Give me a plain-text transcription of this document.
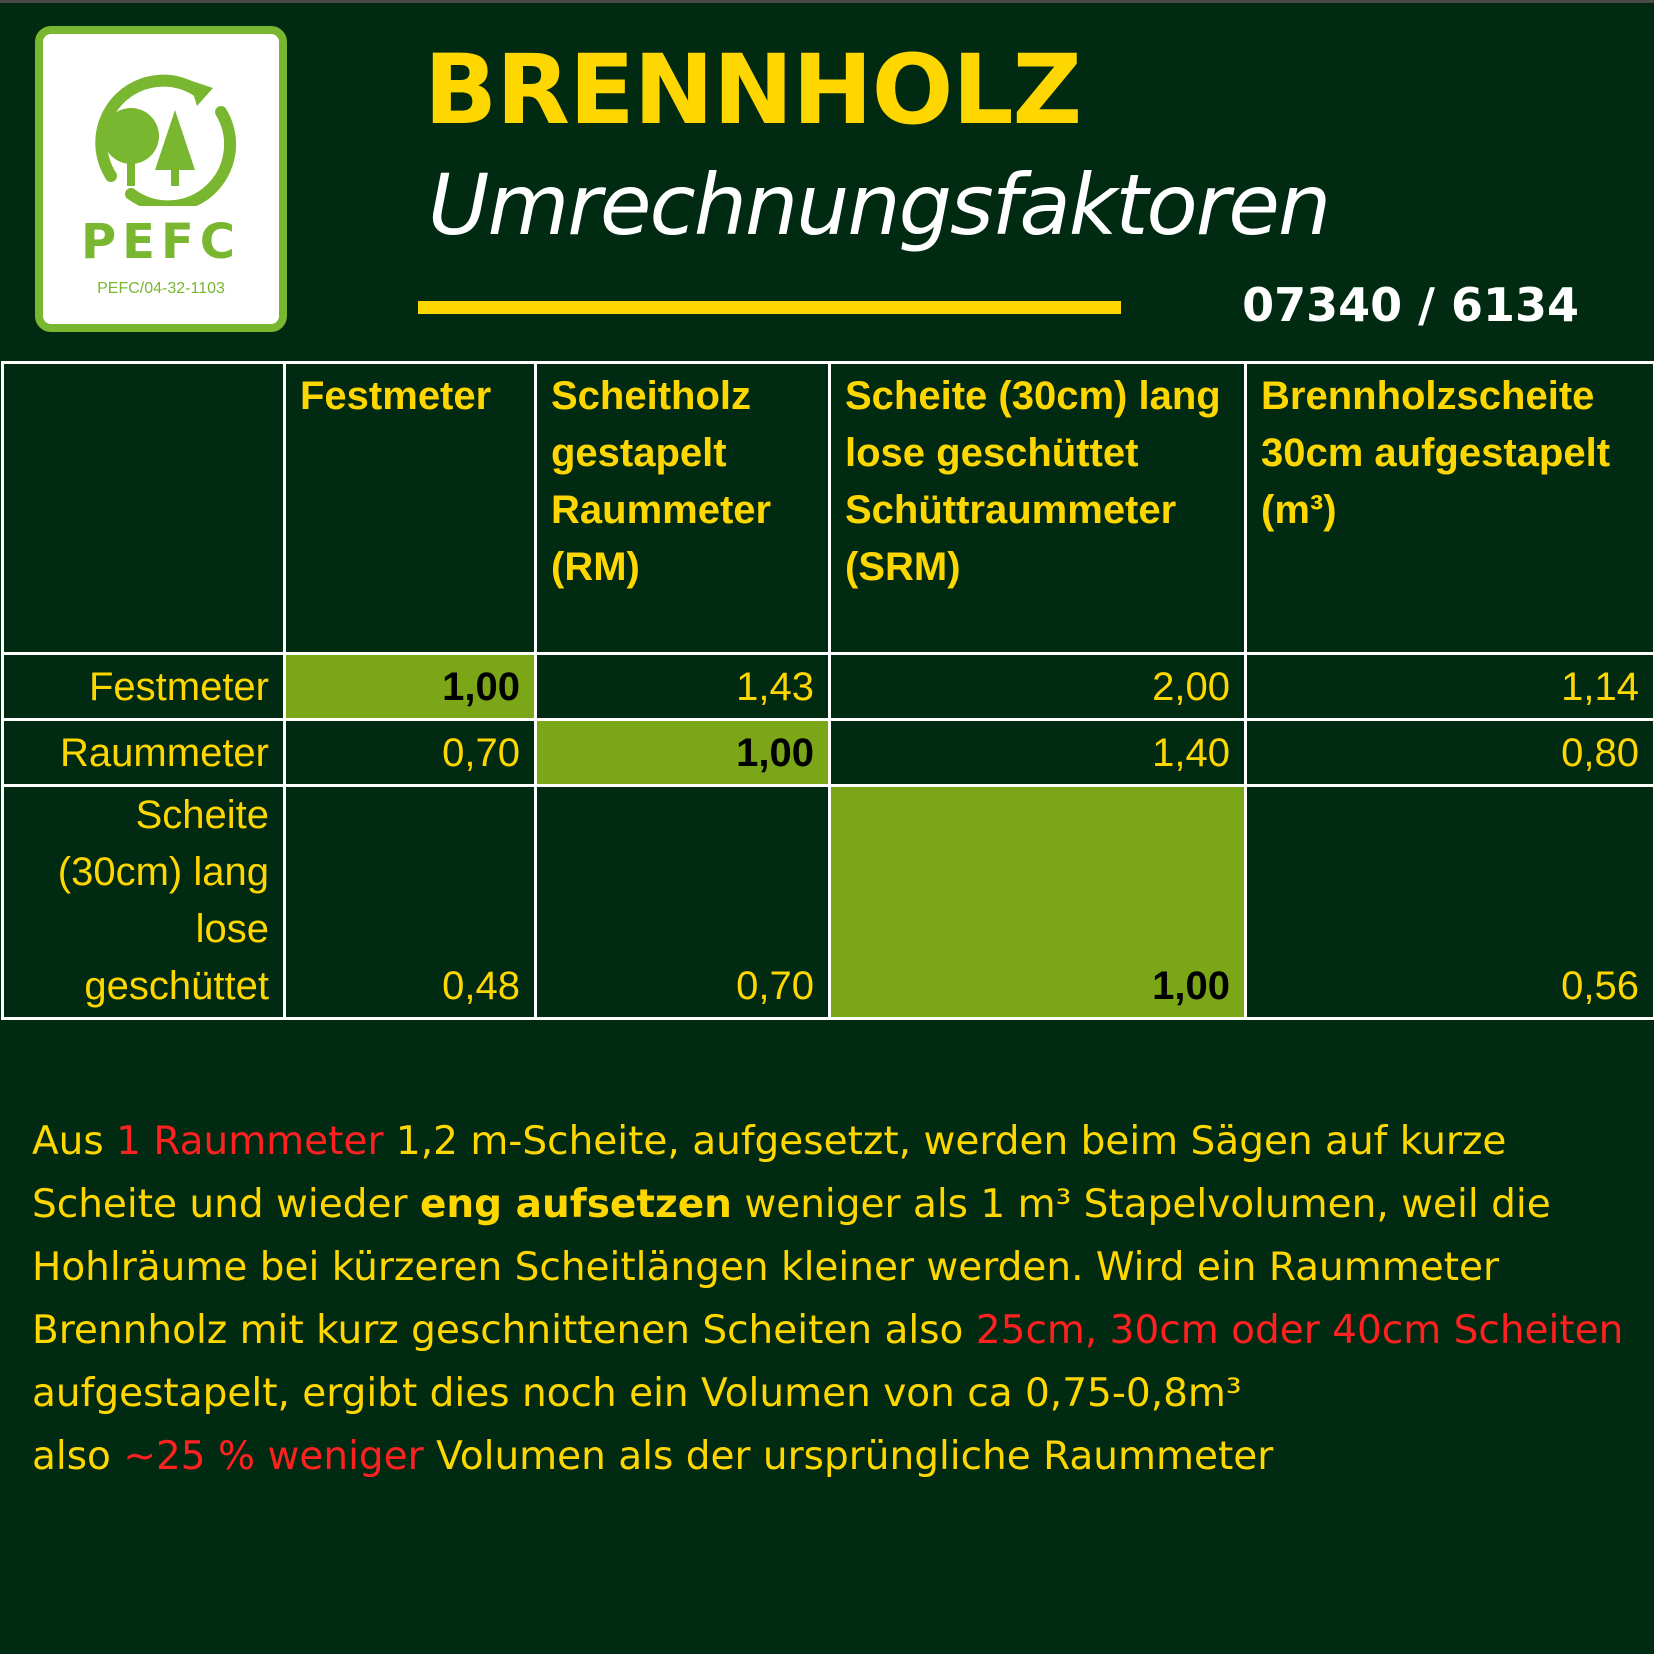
PEFC
PEFC/04-32-1103
BRENNHOLZ
Umrechnungsfaktoren
07340 / 6134
	Festmeter	Scheitholz gestapelt Raummeter (RM)	Scheite (30cm) lang lose geschüttet Schüttraummeter (SRM)	Brennholzscheite 30cm aufgestapelt (m³)
Festmeter	1,00	1,43	2,00	1,14
Raummeter	0,70	1,00	1,40	0,80
Scheite (30cm) lang lose geschüttet	0,48	0,70	1,00	0,56

Aus 1 Raummeter 1,2 m-Scheite, aufgesetzt, werden beim Sägen auf kurze Scheite und wieder eng aufsetzen weniger als 1 m³ Stapelvolumen, weil die Hohlräume bei kürzeren Scheitlängen kleiner werden. Wird ein Raummeter Brennholz mit kurz geschnittenen Scheiten also 25cm, 30cm oder 40cm Scheiten aufgestapelt, ergibt dies noch ein Volumen von ca 0,75-0,8m³

also ~25 % weniger Volumen als der ursprüngliche Raummeter
